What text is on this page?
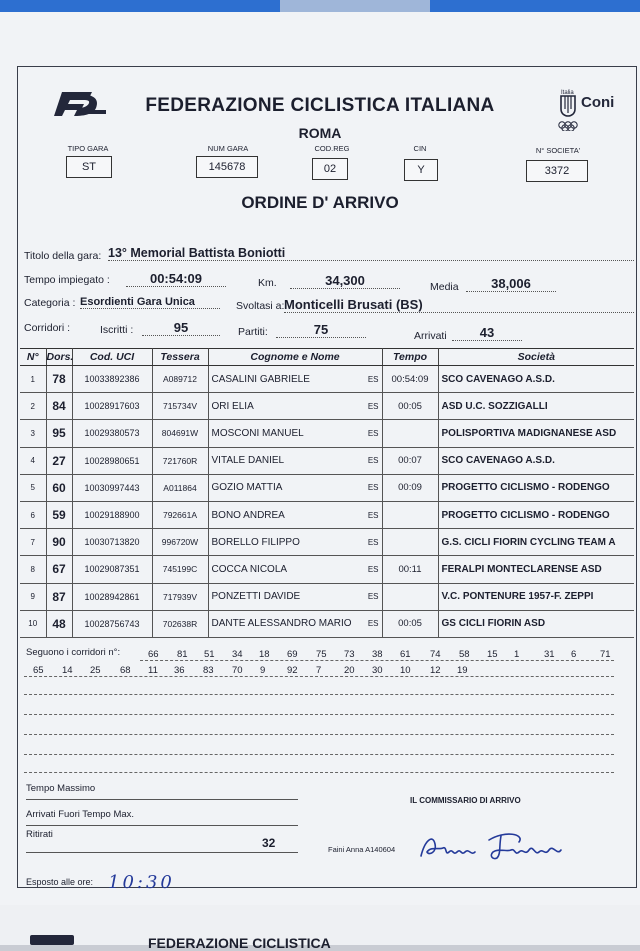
Italia
Coni
FEDERAZIONE CICLISTICA ITALIANA
ROMA
TIPO GARA
ST
NUM GARA
145678
COD.REG
02
CIN
Y
N° SOCIETA'
3372
ORDINE D' ARRIVO
Titolo della gara: 13° Memorial Battista Boniotti
Tempo impiegato :	00:54:09	Km.	34,300	Media	38,006
Categoria : Esordienti Gara Unica	Svoltasi a: Monticelli Brusati (BS)
Corridori :	Iscritti :	95	Partiti:	75	Arrivati	43
N°	Dors.	Cod. UCI	Tessera	Cognome e Nome		Tempo	Società
1	78	10033892386	A089712	CASALINI GABRIELE	ES	00:54:09	SCO CAVENAGO A.S.D.
2	84	10028917603	715734V	ORI ELIA	ES	00:05	ASD U.C. SOZZIGALLI
3	95	10029380573	804691W	MOSCONI MANUEL	ES		POLISPORTIVA MADIGNANESE ASD
4	27	10028980651	721760R	VITALE DANIEL	ES	00:07	SCO CAVENAGO A.S.D.
5	60	10030997443	A011864	GOZIO MATTIA	ES	00:09	PROGETTO CICLISMO - RODENGO
6	59	10029188900	792661A	BONO ANDREA	ES		PROGETTO CICLISMO - RODENGO
7	90	10030713820	996720W	BORELLO FILIPPO	ES		G.S. CICLI FIORIN CYCLING TEAM A
8	67	10029087351	745199C	COCCA NICOLA	ES	00:11	FERALPI MONTECLARENSE ASD
9	87	10028942861	717939V	PONZETTI DAVIDE	ES		V.C. PONTENURE 1957-F. ZEPPI
10	48	10028756743	702638R	DANTE ALESSANDRO MARIO	ES	00:05	GS CICLI FIORIN ASD
Seguono i corridori n°:	66 81 51 34 18 69 75 73 38 61 74 58 15 1	31 6 71
65 14 25 68 11 36 83 70 9 92 7 20 30 10 12 19
Tempo Massimo
Arrivati Fuori Tempo Max.
Ritirati
32
IL COMMISSARIO DI ARRIVO
Faini Anna A140604
Esposto alle ore: 10:30
FEDERAZIONE CICLISTICA
